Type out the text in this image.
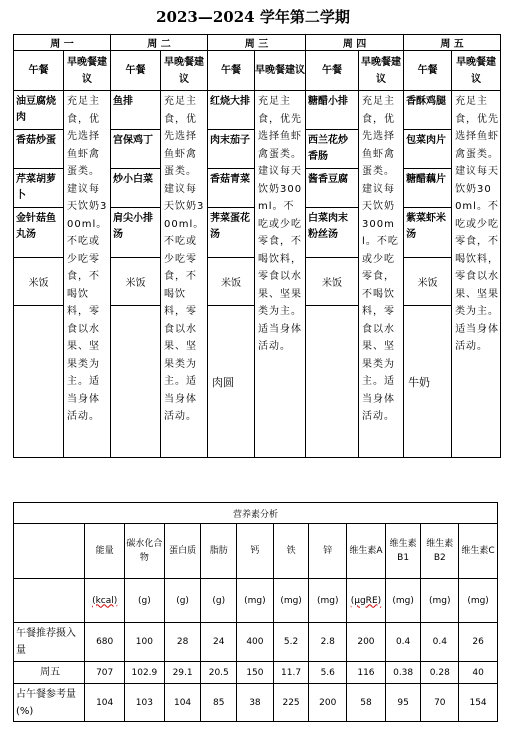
2023—2024 学年第二学期
周 一		周 二		周 三		周 四		周 五	
午餐	早晚餐建议	午餐	早晚餐建议	午餐	早晚餐建议	午餐	早晚餐建议	午餐	早晚餐建议
油豆腐烧肉	充足主食，优先选择鱼虾禽蛋类。建议每天饮奶300ml。不吃或少吃零食，不喝饮料，零食以水果、坚果类为主。适当身体活动。	鱼排	充足主食，优先选择鱼虾禽蛋类。建议每天饮奶300ml。不吃或少吃零食，不喝饮料，零食以水果、坚果类为主。适当身体活动。	红烧大排	充足主食，优先选择鱼虾禽蛋类。建议每天饮奶300ml。不吃或少吃零食，不喝饮料，零食以水果、坚果类为主。适当身体活动。	糖醋小排	充足主食，优先选择鱼虾禽蛋类。建议每天饮奶300ml。不吃或少吃零食，不喝饮料，零食以水果、坚果类为主。适当身体活动。	香酥鸡腿	充足主食，优先选择鱼虾禽蛋类。建议每天饮奶300ml。不吃或少吃零食，不喝饮料，零食以水果、坚果类为主。适当身体活动。
香菇炒蛋		宫保鸡丁		肉末茄子		西兰花炒香肠		包菜肉片	
芹菜胡萝卜		炒小白菜		香菇青菜		酱香豆腐		糖醋藕片	
金针菇鱼丸汤		肩尖小排汤		荠菜蛋花汤		白菜肉末粉丝汤		紫菜虾米汤	
米饭		米饭		米饭		米饭		米饭	
				肉圆				牛奶	
营养素分析											
	能量	碳水化合物	蛋白质	脂肪	钙	铁	锌	维生素A	维生素B1	维生素B2	维生素C
	(kcal)	(g)	(g)	(g)	(mg)	(mg)	(mg)	(μgRE)	(mg)	(mg)	(mg)
午餐推荐摄入量	680	100	28	24	400	5.2	2.8	200	0.4	0.4	26
周五	707	102.9	29.1	20.5	150	11.7	5.6	116	0.38	0.28	40
占午餐参考量(%)	104	103	104	85	38	225	200	58	95	70	154
